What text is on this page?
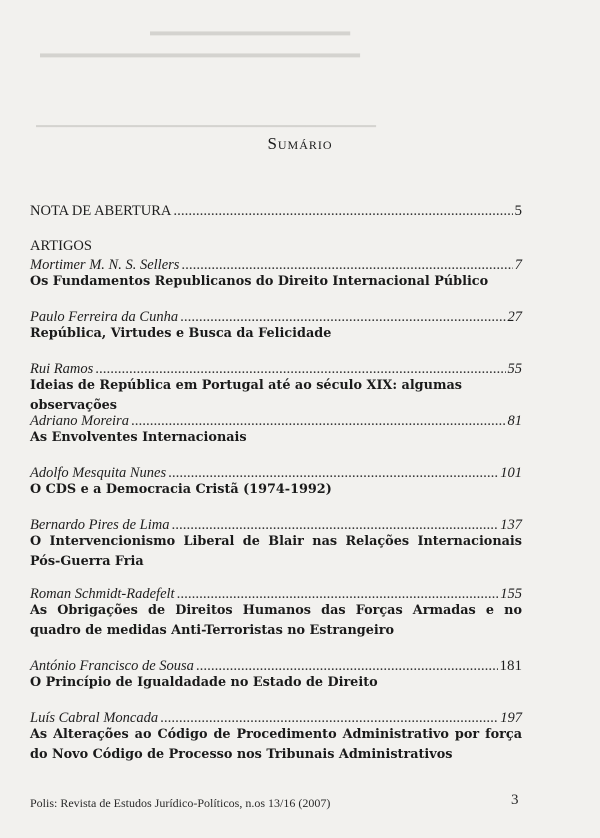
▂▂▂▂▂▂▂▂▂▂▂▂▂▂▂▂▂▂▂▂
▂▂▂▂▂▂▂▂▂▂▂▂▂▂▂▂▂▂▂▂▂▂▂▂▂▂▂▂▂▂▂▂
▁▁▁▁▁▁▁▁▁▁▁▁▁▁▁▁▁▁▁▁▁▁▁▁▁▁▁▁▁▁▁▁▁▁
Sumário
NOTA DE ABERTURA .....	5
ARTIGOS
Mortimer M. N. S. Sellers .....	7
Os Fundamentos Republicanos do Direito Internacional Público
Paulo Ferreira da Cunha .....	27
República, Virtudes e Busca da Felicidade
Rui Ramos .....	55
Ideias de República em Portugal até ao século XIX: algumas observações
Adriano Moreira .....	81
As Envolventes Internacionais
Adolfo Mesquita Nunes .....	101
O CDS e a Democracia Cristã (1974-1992)
Bernardo Pires de Lima .....	137
O Intervencionismo Liberal de Blair nas Relações Internacionais Pós-Guerra Fria
Roman Schmidt-Radefelt .....	155
As Obrigações de Direitos Humanos das Forças Armadas e no quadro de medidas Anti-Terroristas no Estrangeiro
António Francisco de Sousa .....	181
O Princípio de Igualdadade no Estado de Direito
Luís Cabral Moncada .....	197
As Alterações ao Código de Procedimento Administrativo por força do Novo Código de Processo nos Tribunais Administrativos
Polis: Revista de Estudos Jurídico-Políticos, n.os 13/16 (2007)	3
